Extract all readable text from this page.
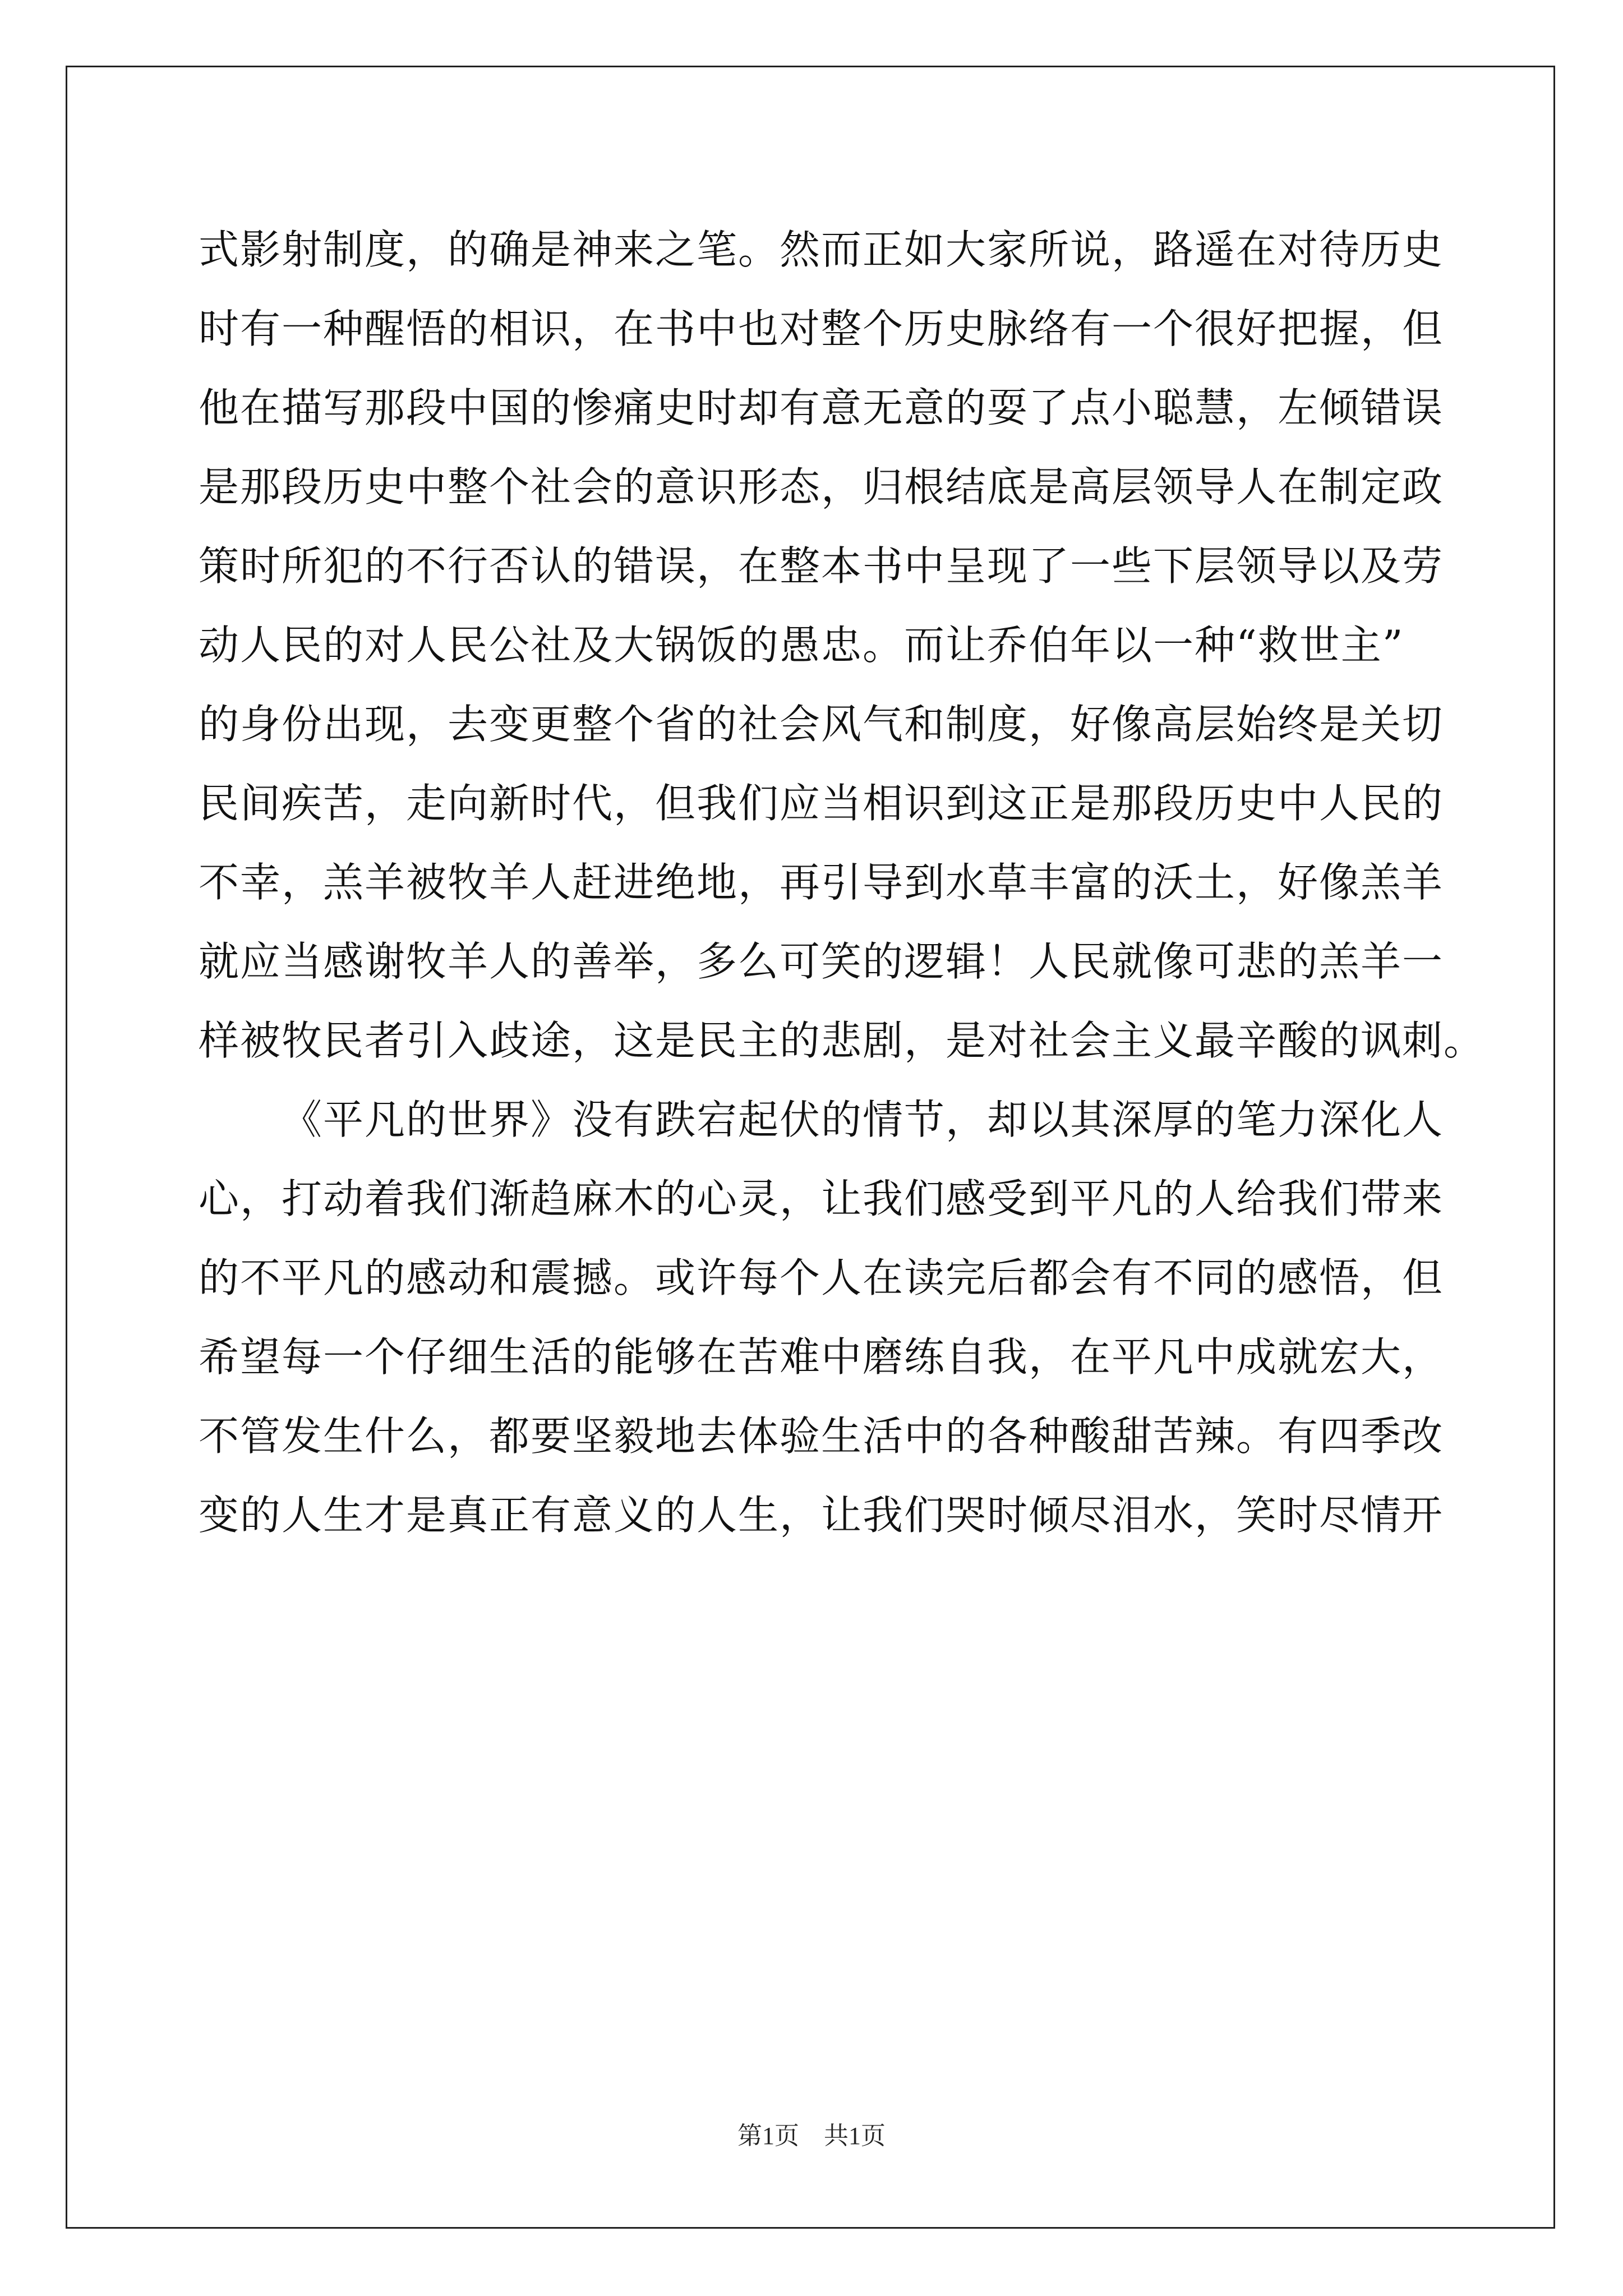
式影射制度，的确是神来之笔。然而正如大家所说，路遥在对待历史
时有一种醒悟的相识，在书中也对整个历史脉络有一个很好把握，但
他在描写那段中国的惨痛史时却有意无意的耍了点小聪慧，左倾错误
是那段历史中整个社会的意识形态，归根结底是高层领导人在制定政
策时所犯的不行否认的错误，在整本书中呈现了一些下层领导以及劳
动人民的对人民公社及大锅饭的愚忠。而让乔伯年以一种“救世主”
的身份出现，去变更整个省的社会风气和制度，好像高层始终是关切
民间疾苦，走向新时代，但我们应当相识到这正是那段历史中人民的
不幸，羔羊被牧羊人赶进绝地，再引导到水草丰富的沃土，好像羔羊
就应当感谢牧羊人的善举，多么可笑的逻辑！人民就像可悲的羔羊一
样被牧民者引入歧途，这是民主的悲剧，是对社会主义最辛酸的讽刺。
《平凡的世界》没有跌宕起伏的情节，却以其深厚的笔力深化人
心，打动着我们渐趋麻木的心灵，让我们感受到平凡的人给我们带来
的不平凡的感动和震撼。或许每个人在读完后都会有不同的感悟，但
希望每一个仔细生活的能够在苦难中磨练自我，在平凡中成就宏大，
不管发生什么，都要坚毅地去体验生活中的各种酸甜苦辣。有四季改
变的人生才是真正有意义的人生，让我们哭时倾尽泪水，笑时尽情开
第1页　共1页
